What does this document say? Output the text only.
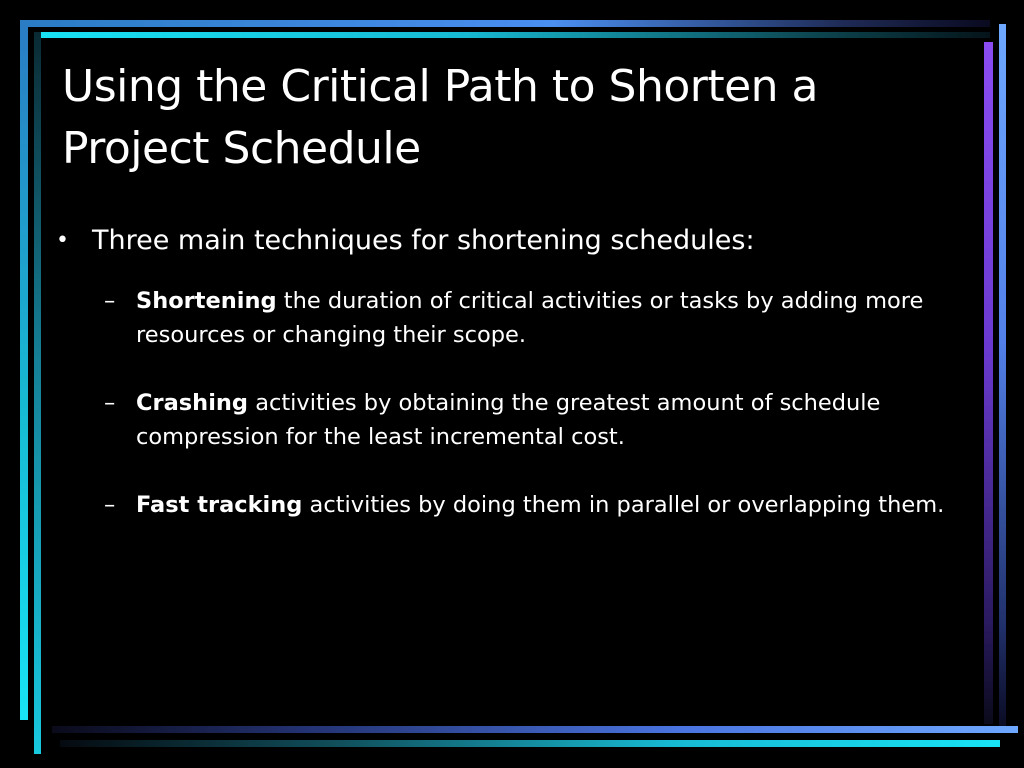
Using the Critical Path to Shorten a Project Schedule
• Three main techniques for shortening schedules:
– Shortening the duration of critical activities or tasks by adding more resources or changing their scope.
– Crashing activities by obtaining the greatest amount of schedule compression for the least incremental cost.
– Fast tracking activities by doing them in parallel or overlapping them.
